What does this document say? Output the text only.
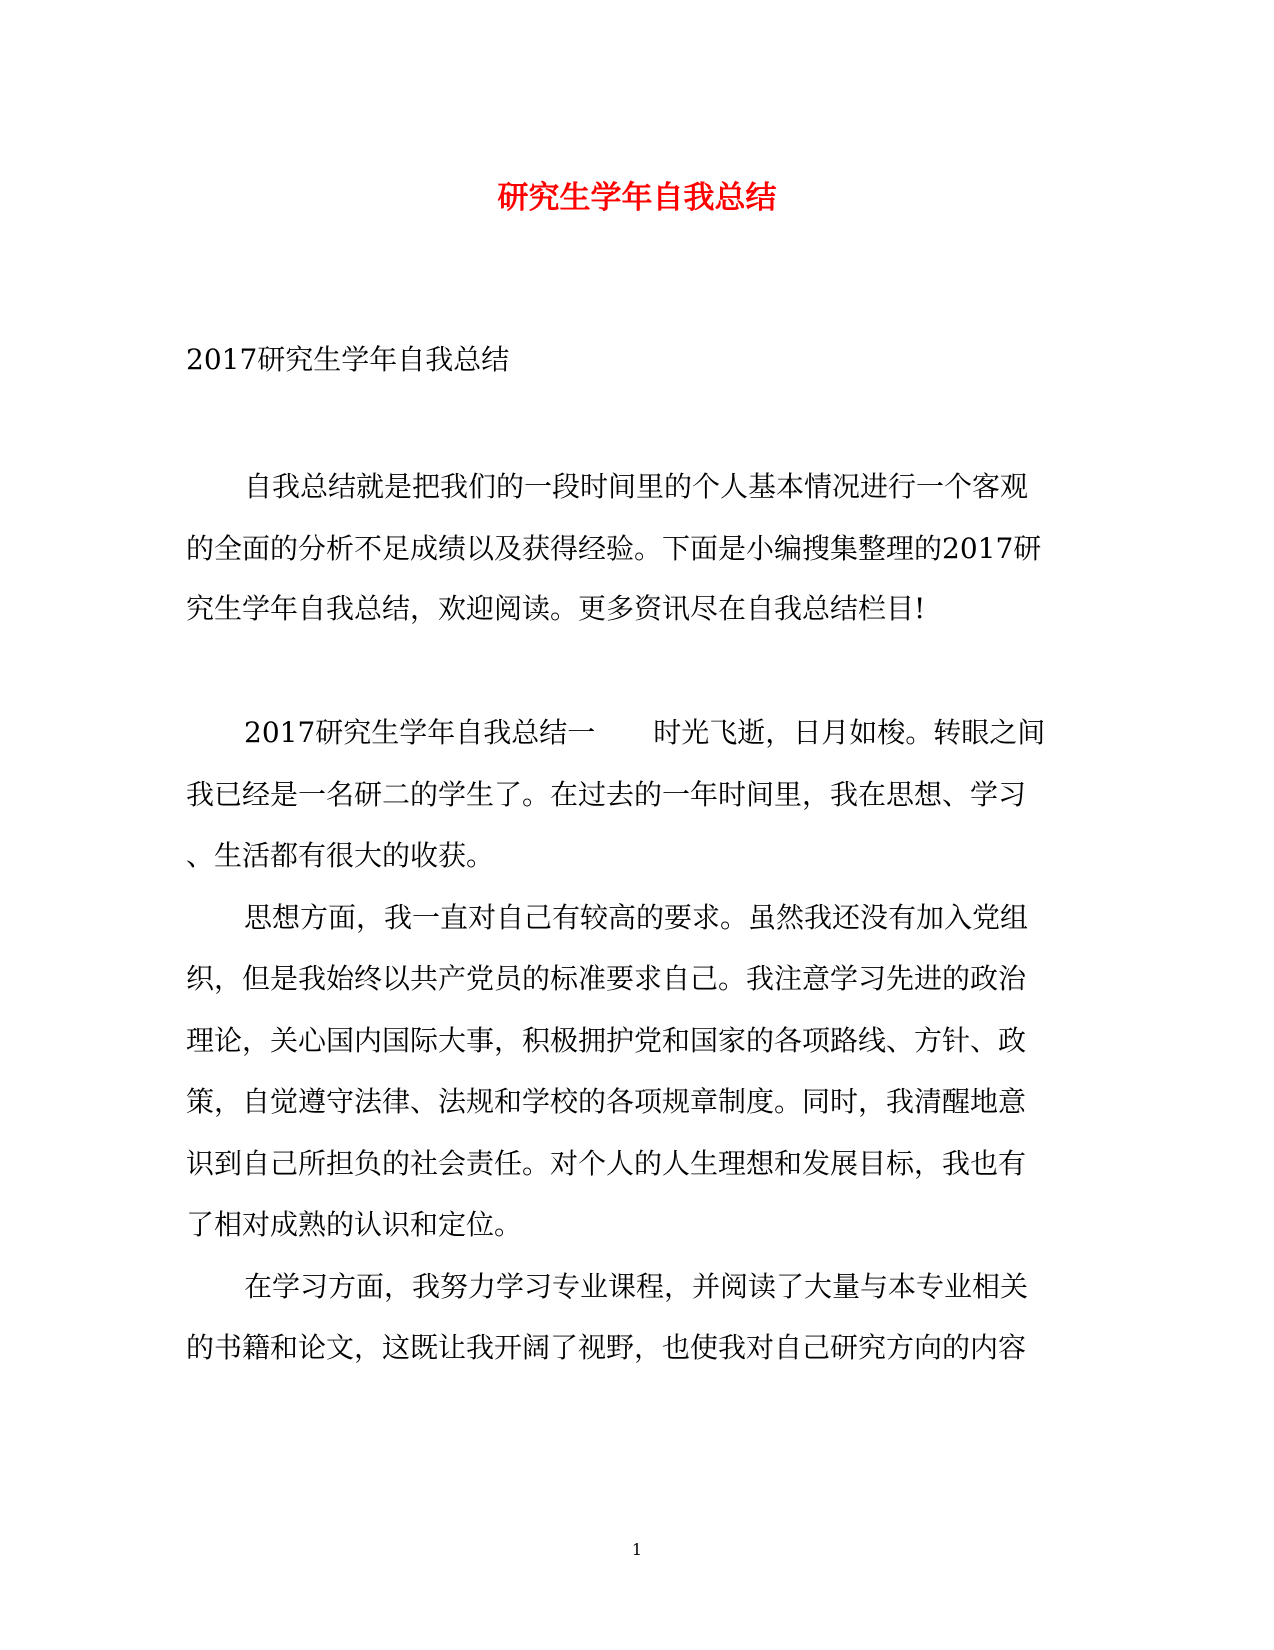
研究生学年自我总结

2017研究生学年自我总结

自我总结就是把我们的一段时间里的个人基本情况进行一个客观

的全面的分析不足成绩以及获得经验。下面是小编搜集整理的2017研

究生学年自我总结，欢迎阅读。更多资讯尽在自我总结栏目!

2017研究生学年自我总结一 时光飞逝，日月如梭。转眼之间

我已经是一名研二的学生了。在过去的一年时间里，我在思想、学习

、生活都有很大的收获。

思想方面，我一直对自己有较高的要求。虽然我还没有加入党组

织，但是我始终以共产党员的标准要求自己。我注意学习先进的政治

理论，关心国内国际大事，积极拥护党和国家的各项路线、方针、政

策，自觉遵守法律、法规和学校的各项规章制度。同时，我清醒地意

识到自己所担负的社会责任。对个人的人生理想和发展目标，我也有

了相对成熟的认识和定位。

在学习方面，我努力学习专业课程，并阅读了大量与本专业相关

的书籍和论文，这既让我开阔了视野，也使我对自己研究方向的内容

1
